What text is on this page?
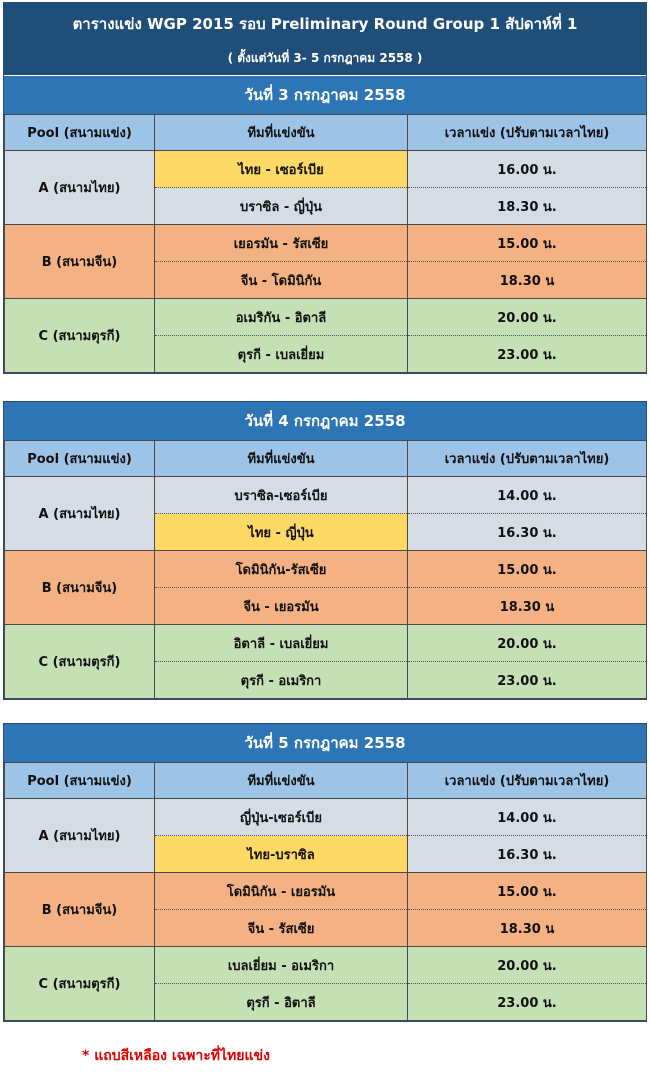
ตารางแข่ง WGP 2015 รอบ Preliminary Round Group 1 สัปดาห์ที่ 1
( ตั้งแต่วันที่ 3- 5 กรกฎาคม 2558 )
วันที่ 3 กรกฎาคม 2558
Pool (สนามแข่ง)	ทีมที่แข่งขัน	เวลาแข่ง (ปรับตามเวลาไทย)
A (สนามไทย)	ไทย - เซอร์เบีย	16.00 น.
	บราซิล - ญี่ปุ่น	18.30 น.
B (สนามจีน)	เยอรมัน - รัสเซีย	15.00 น.
	จีน - โดมินิกัน	18.30 น
C (สนามตุรกี)	อเมริกัน - อิตาลี	20.00 น.
	ตุรกี - เบลเยี่ยม	23.00 น.
วันที่ 4 กรกฎาคม 2558
Pool (สนามแข่ง)	ทีมที่แข่งขัน	เวลาแข่ง (ปรับตามเวลาไทย)
A (สนามไทย)	บราซิล-เซอร์เบีย	14.00 น.
	ไทย - ญี่ปุ่น	16.30 น.
B (สนามจีน)	โดมินิกัน-รัสเซีย	15.00 น.
	จีน - เยอรมัน	18.30 น
C (สนามตุรกี)	อิตาลี - เบลเยี่ยม	20.00 น.
	ตุรกี - อเมริกา	23.00 น.
วันที่ 5 กรกฎาคม 2558
Pool (สนามแข่ง)	ทีมที่แข่งขัน	เวลาแข่ง (ปรับตามเวลาไทย)
A (สนามไทย)	ญี่ปุ่น-เซอร์เบีย	14.00 น.
	ไทย-บราซิล	16.30 น.
B (สนามจีน)	โดมินิกัน - เยอรมัน	15.00 น.
	จีน - รัสเซีย	18.30 น
C (สนามตุรกี)	เบลเยี่ยม - อเมริกา	20.00 น.
	ตุรกี - อิตาลี	23.00 น.
* แถบสีเหลือง เฉพาะที่ไทยแข่ง
